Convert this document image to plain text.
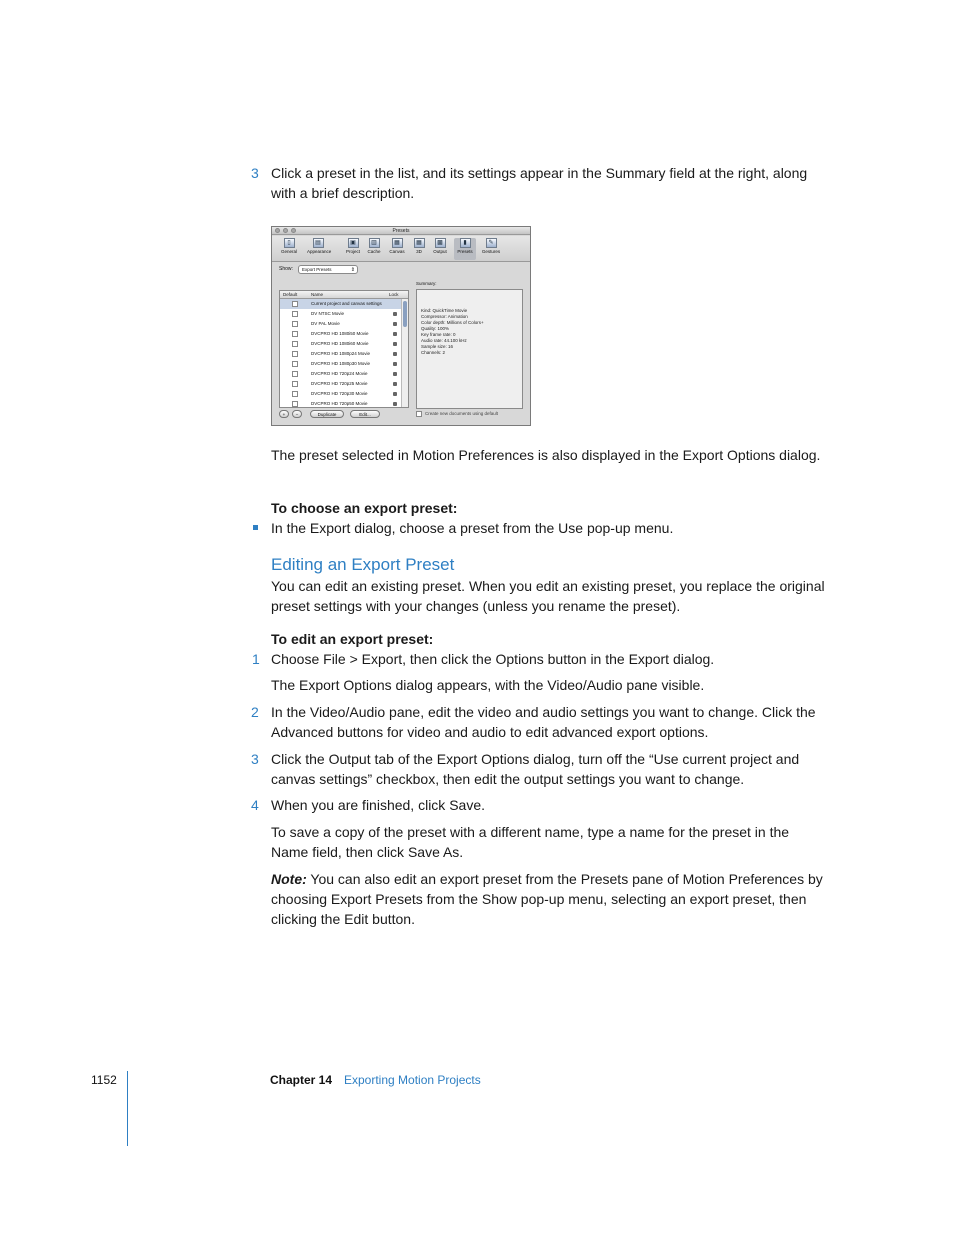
3 Click a preset in the list, and its settings appear in the Summary field at the right, along with a brief description.
Presets
▯
General
▤
Appearance
▣
Project
▥
Cache
▦
Canvas
▦
3D
▩
Output
▮
Presets
✎
Gestures
Show:	Export Presets	⇕
Default	Name	Lock
Current project and canvas settings
DV NTSC Movie
DV PAL Movie
DVCPRO HD 1080i50 Movie
DVCPRO HD 1080i60 Movie
DVCPRO HD 1080p24 Movie
DVCPRO HD 1080p30 Movie
DVCPRO HD 720p24 Movie
DVCPRO HD 720p25 Movie
DVCPRO HD 720p30 Movie
DVCPRO HD 720p50 Movie
Summary:
Kind: QuickTime Movie
Compressor: Animation
Color depth: Millions of Colors+
Quality: 100%
Key frame rate: 0
Audio rate: 44.100 kHz
Sample size: 16
Channels: 2
+	−	Duplicate	Edit...	Create new documents using default
The preset selected in Motion Preferences is also displayed in the Export Options dialog.
To choose an export preset:
In the Export dialog, choose a preset from the Use pop-up menu.
Editing an Export Preset
You can edit an existing preset. When you edit an existing preset, you replace the original preset settings with your changes (unless you rename the preset).
To edit an export preset:
1 Choose File > Export, then click the Options button in the Export dialog.
The Export Options dialog appears, with the Video/Audio pane visible.
2 In the Video/Audio pane, edit the video and audio settings you want to change. Click the Advanced buttons for video and audio to edit advanced export options.
3 Click the Output tab of the Export Options dialog, turn off the “Use current project and canvas settings” checkbox, then edit the output settings you want to change.
4 When you are finished, click Save.
To save a copy of the preset with a different name, type a name for the preset in the Name field, then click Save As.
Note: You can also edit an export preset from the Presets pane of Motion Preferences by choosing Export Presets from the Show pop-up menu, selecting an export preset, then clicking the Edit button.
1152	Chapter 14 Exporting Motion Projects
